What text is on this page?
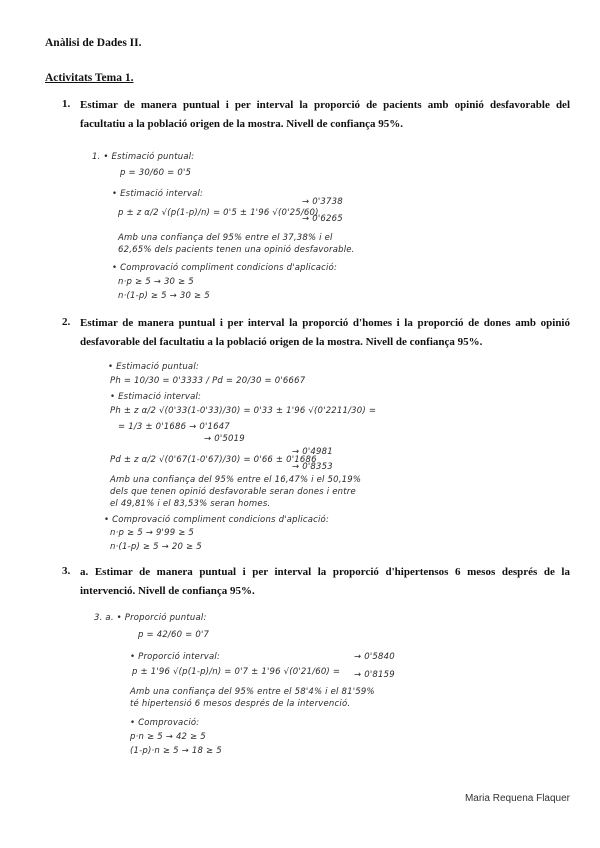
Anàlisi de Dades II.
Activitats Tema 1.
1. Estimar de manera puntual i per interval la proporció de pacients amb opinió desfavorable del facultatiu a la població origen de la mostra. Nivell de confiança 95%.
1. • Estimació puntual:
p = 30/60 = 0'5
• Estimació interval:
p ± z α/2 √(p(1-p)/n) = 0'5 ± 1'96 √(0'25/60)
→ 0'3738
→ 0'6265
Amb una confiança del 95% entre el 37,38% i el
62,65% dels pacients tenen una opinió desfavorable.
• Comprovació compliment condicions d'aplicació:
n·p ≥ 5 → 30 ≥ 5
n·(1-p) ≥ 5 → 30 ≥ 5
2. Estimar de manera puntual i per interval la proporció d'homes i la proporció de dones amb opinió desfavorable del facultatiu a la població origen de la mostra. Nivell de confiança 95%.
• Estimació puntual:
Ph = 10/30 = 0'3333 / Pd = 20/30 = 0'6667
• Estimació interval:
Ph ± z α/2 √(0'33(1-0'33)/30) = 0'33 ± 1'96 √(0'2211/30) =
= 1/3 ± 0'1686 → 0'1647
→ 0'5019
Pd ± z α/2 √(0'67(1-0'67)/30) = 0'66 ± 0'1686
→ 0'4981
→ 0'8353
Amb una confiança del 95% entre el 16,47% i el 50,19%
dels que tenen opinió desfavorable seran dones i entre
el 49,81% i el 83,53% seran homes.
• Comprovació compliment condicions d'aplicació:
n·p ≥ 5 → 9'99 ≥ 5
n·(1-p) ≥ 5 → 20 ≥ 5
3. a. Estimar de manera puntual i per interval la proporció d'hipertensos 6 mesos després de la intervenció. Nivell de confiança 95%.
3. a. • Proporció puntual:
p = 42/60 = 0'7
• Proporció interval:
p ± 1'96 √(p(1-p)/n) = 0'7 ± 1'96 √(0'21/60) =
→ 0'5840
→ 0'8159
Amb una confiança del 95% entre el 58'4% i el 81'59%
té hipertensió 6 mesos després de la intervenció.
• Comprovació:
p·n ≥ 5 → 42 ≥ 5
(1-p)·n ≥ 5 → 18 ≥ 5
Maria Requena Flaquer
